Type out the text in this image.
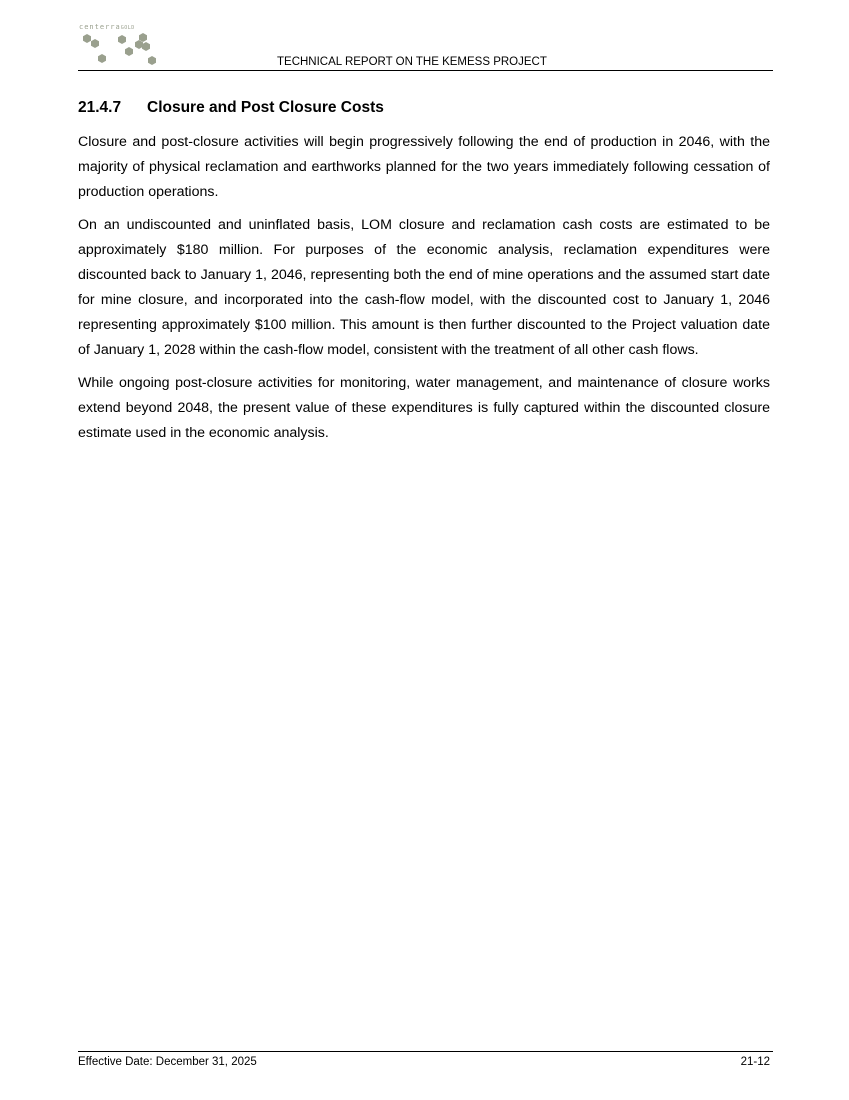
centerraGOLD
TECHNICAL REPORT ON THE KEMESS PROJECT
21.4.7 Closure and Post Closure Costs

Closure and post-closure activities will begin progressively following the end of production in 2046, with the majority of physical reclamation and earthworks planned for the two years immediately following cessation of production operations.

On an undiscounted and uninflated basis, LOM closure and reclamation cash costs are estimated to be approximately $180 million. For purposes of the economic analysis, reclamation expenditures were discounted back to January 1, 2046, representing both the end of mine operations and the assumed start date for mine closure, and incorporated into the cash-flow model, with the discounted cost to January 1, 2046 representing approximately $100 million. This amount is then further discounted to the Project valuation date of January 1, 2028 within the cash-flow model, consistent with the treatment of all other cash flows.

While ongoing post-closure activities for monitoring, water management, and maintenance of closure works extend beyond 2048, the present value of these expenditures is fully captured within the discounted closure estimate used in the economic analysis.

Effective Date: December 31, 2025	21-12
